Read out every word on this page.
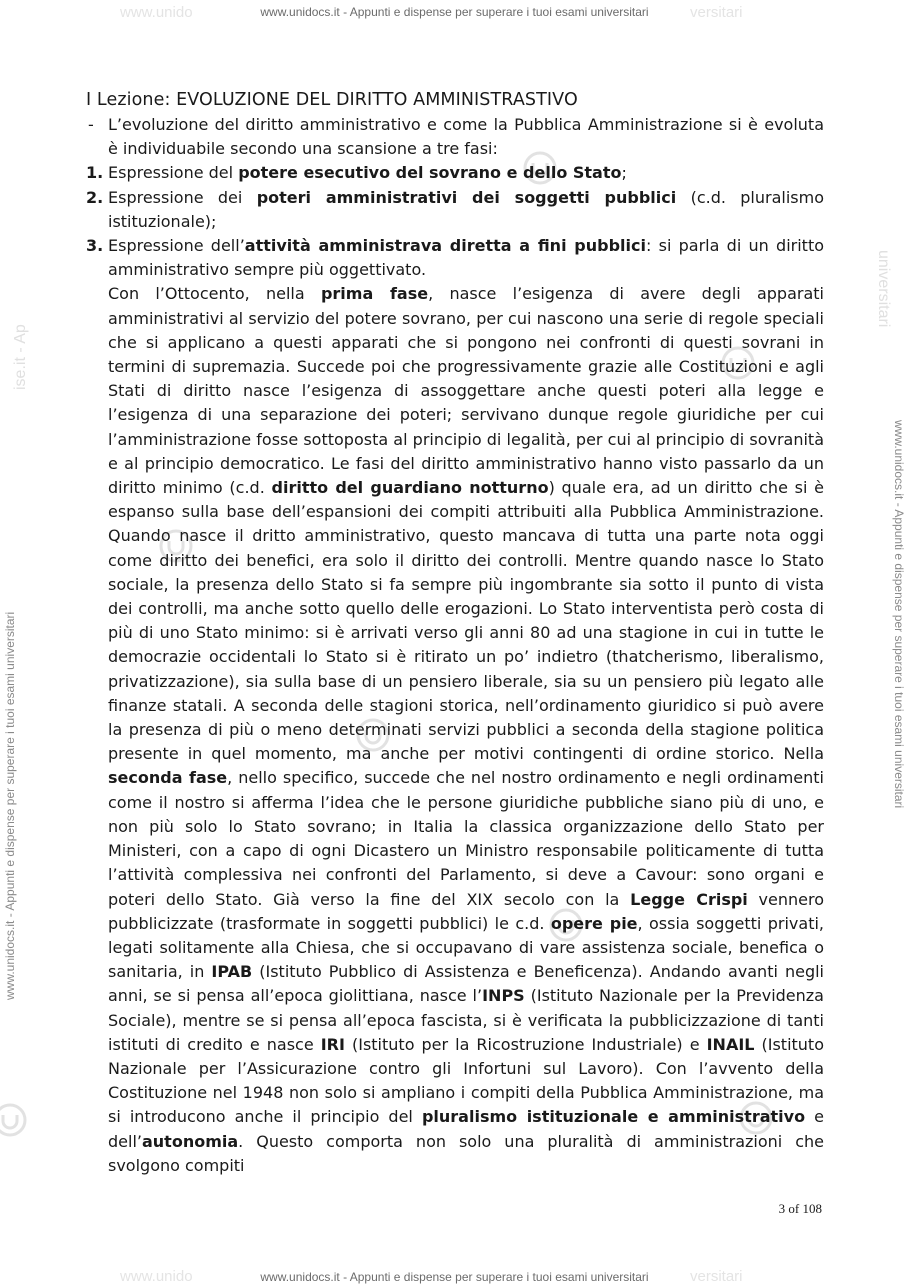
www.unido	versitari
www.unidocs.it - Appunti e dispense per superare i tuoi esami universitari
www.unido	versitari
www.unidocs.it - Appunti e dispense per superare i tuoi esami universitari
www.unidocs.it - Appunti e dispense per superare i tuoi esami universitari	www.unidocs.it - Appunti e dispense per superare i tuoi esami universitari
ise.it - Ap
universitari
I Lezione: EVOLUZIONE DEL DIRITTO AMMINISTRASTIVO
- L’evoluzione del diritto amministrativo e come la Pubblica Amministrazione si è evoluta è individuabile secondo una scansione a tre fasi:
1. Espressione del potere esecutivo del sovrano e dello Stato;
2. Espressione dei poteri amministrativi dei soggetti pubblici (c.d. pluralismo istituzionale);
3. Espressione dell’attività amministrava diretta a fini pubblici: si parla di un diritto amministrativo sempre più oggettivato.

Con l’Ottocento, nella prima fase, nasce l’esigenza di avere degli apparati amministrativi al servizio del potere sovrano, per cui nascono una serie di regole speciali che si applicano a questi apparati che si pongono nei confronti di questi sovrani in termini di supremazia. Succede poi che progressivamente grazie alle Costituzioni e agli Stati di diritto nasce l’esigenza di assoggettare anche questi poteri alla legge e l’esigenza di una separazione dei poteri; servivano dunque regole giuridiche per cui l’amministrazione fosse sottoposta al principio di legalità, per cui al principio di sovranità e al principio democratico. Le fasi del diritto amministrativo hanno visto passarlo da un diritto minimo (c.d. diritto del guardiano notturno) quale era, ad un diritto che si è espanso sulla base dell’espansioni dei compiti attribuiti alla Pubblica Amministrazione. Quando nasce il dritto amministrativo, questo mancava di tutta una parte nota oggi come diritto dei benefici, era solo il diritto dei controlli. Mentre quando nasce lo Stato sociale, la presenza dello Stato si fa sempre più ingombrante sia sotto il punto di vista dei controlli, ma anche sotto quello delle erogazioni. Lo Stato interventista però costa di più di uno Stato minimo: si è arrivati verso gli anni 80 ad una stagione in cui in tutte le democrazie occidentali lo Stato si è ritirato un po’ indietro (thatcherismo, liberalismo, privatizzazione), sia sulla base di un pensiero liberale, sia su un pensiero più legato alle finanze statali. A seconda delle stagioni storica, nell’ordinamento giuridico si può avere la presenza di più o meno determinati servizi pubblici a seconda della stagione politica presente in quel momento, ma anche per motivi contingenti di ordine storico. Nella seconda fase, nello specifico, succede che nel nostro ordinamento e negli ordinamenti come il nostro si afferma l’idea che le persone giuridiche pubbliche siano più di uno, e non più solo lo Stato sovrano; in Italia la classica organizzazione dello Stato per Ministeri, con a capo di ogni Dicastero un Ministro responsabile politicamente di tutta l’attività complessiva nei confronti del Parlamento, si deve a Cavour: sono organi e poteri dello Stato. Già verso la fine del XIX secolo con la Legge Crispi vennero pubblicizzate (trasformate in soggetti pubblici) le c.d. opere pie, ossia soggetti privati, legati solitamente alla Chiesa, che si occupavano di vare assistenza sociale, benefica o sanitaria, in IPAB (Istituto Pubblico di Assistenza e Beneficenza). Andando avanti negli anni, se si pensa all’epoca giolittiana, nasce l’INPS (Istituto Nazionale per la Previdenza Sociale), mentre se si pensa all’epoca fascista, si è verificata la pubblicizzazione di tanti istituti di credito e nasce IRI (Istituto per la Ricostruzione Industriale) e INAIL (Istituto Nazionale per l’Assicurazione contro gli Infortuni sul Lavoro). Con l’avvento della Costituzione nel 1948 non solo si ampliano i compiti della Pubblica Amministrazione, ma si introducono anche il principio del pluralismo istituzionale e amministrativo e dell’autonomia. Questo comporta non solo una pluralità di amministrazioni che svolgono compiti

3 of 108
